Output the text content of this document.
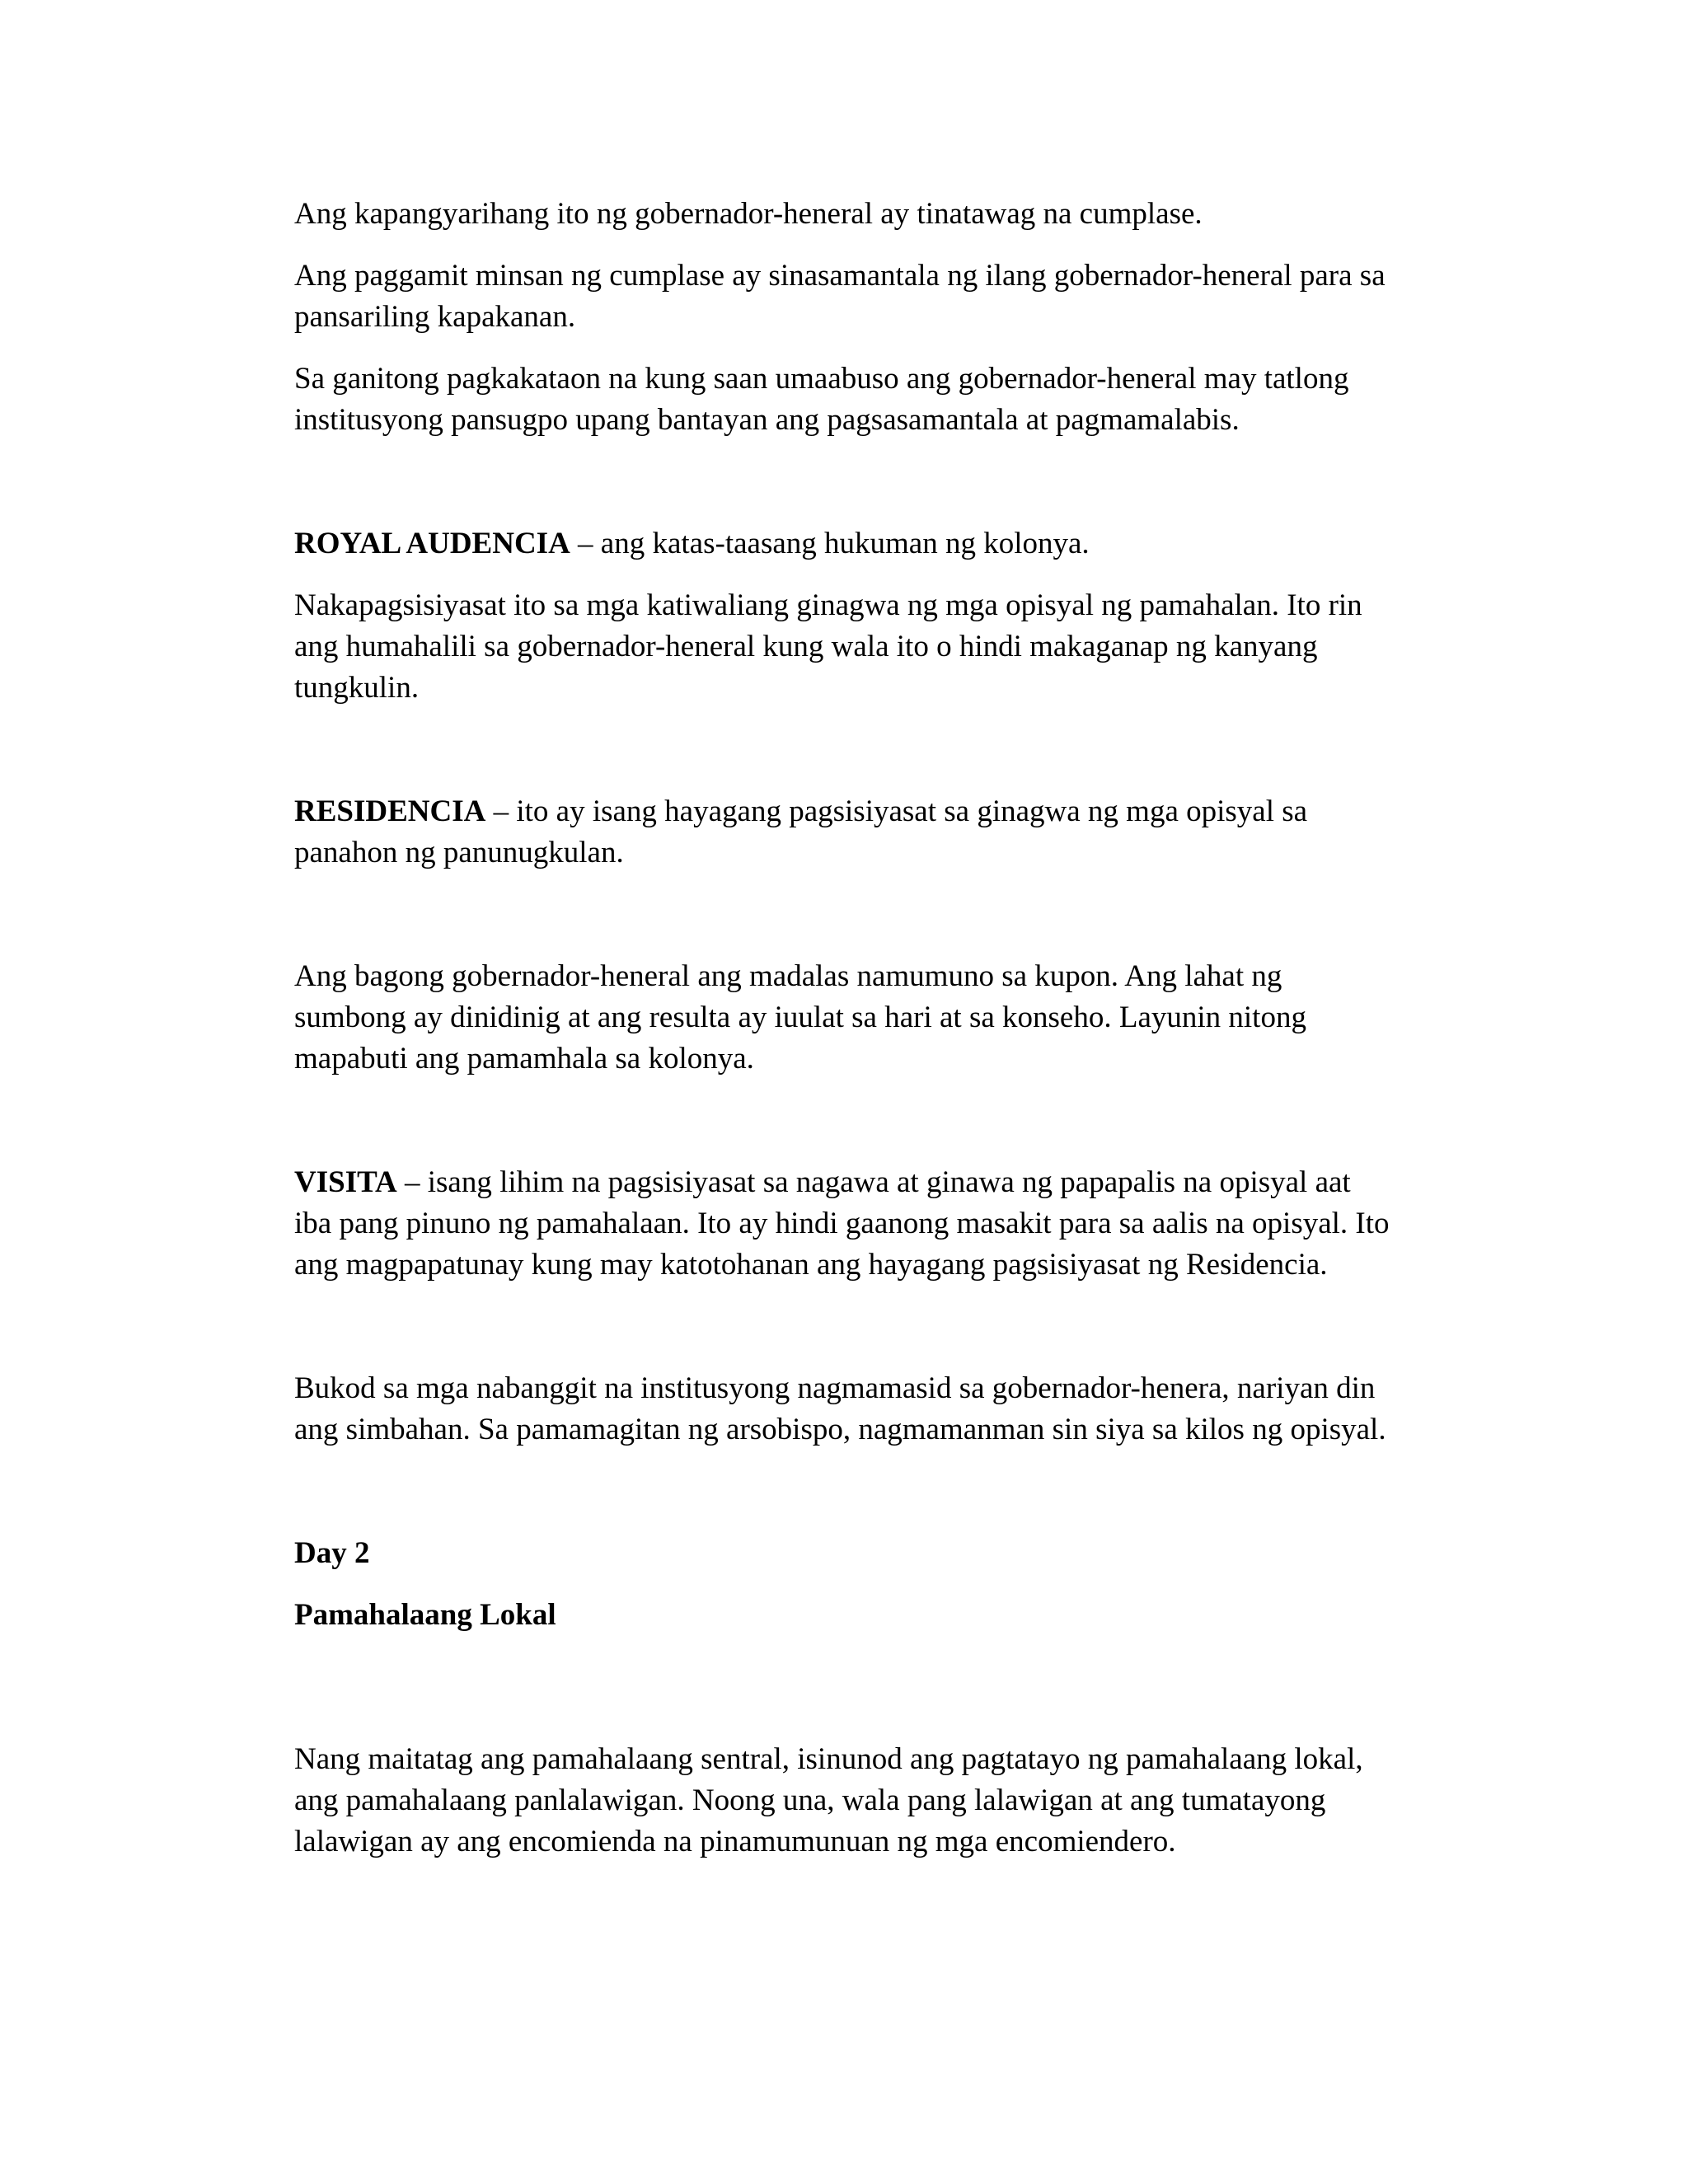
Ang kapangyarihang ito ng gobernador-heneral ay tinatawag na cumplase.

Ang paggamit minsan ng cumplase ay sinasamantala ng ilang gobernador-heneral para sa

pansariling kapakanan.

Sa ganitong pagkakataon na kung saan umaabuso ang gobernador-heneral may tatlong

institusyong pansugpo upang bantayan ang pagsasamantala at pagmamalabis.

ROYAL AUDENCIA – ang katas-taasang hukuman ng kolonya.

Nakapagsisiyasat ito sa mga katiwaliang ginagwa ng mga opisyal ng pamahalan. Ito rin

ang humahalili sa gobernador-heneral kung wala ito o hindi makaganap ng kanyang

tungkulin.

RESIDENCIA – ito ay isang hayagang pagsisiyasat sa ginagwa ng mga opisyal sa

panahon ng panunugkulan.

Ang bagong gobernador-heneral ang madalas namumuno sa kupon. Ang lahat ng

sumbong ay dinidinig at ang resulta ay iuulat sa hari at sa konseho. Layunin nitong

mapabuti ang pamamhala sa kolonya.

VISITA – isang lihim na pagsisiyasat sa nagawa at ginawa ng papapalis na opisyal aat

iba pang pinuno ng pamahalaan. Ito ay hindi gaanong masakit para sa aalis na opisyal. Ito

ang magpapatunay kung may katotohanan ang hayagang pagsisiyasat ng Residencia.

Bukod sa mga nabanggit na institusyong nagmamasid sa gobernador-henera, nariyan din

ang simbahan. Sa pamamagitan ng arsobispo, nagmamanman sin siya sa kilos ng opisyal.

Day 2

Pamahalaang Lokal

Nang maitatag ang pamahalaang sentral, isinunod ang pagtatayo ng pamahalaang lokal,

ang pamahalaang panlalawigan. Noong una, wala pang lalawigan at ang tumatayong

lalawigan ay ang encomienda na pinamumunuan ng mga encomiendero.
